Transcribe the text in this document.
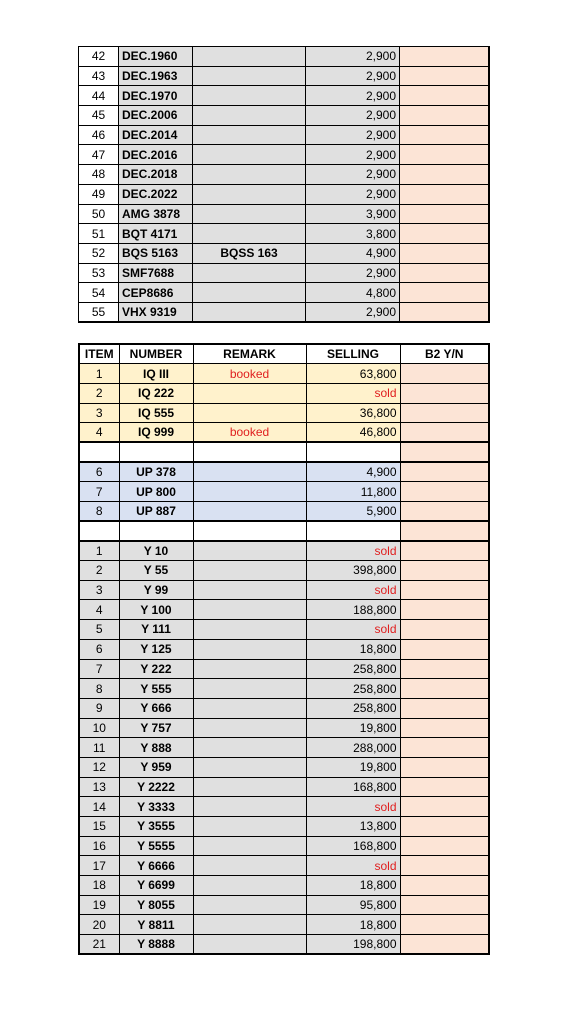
42	DEC.1960		2,900	
43	DEC.1963		2,900	
44	DEC.1970		2,900	
45	DEC.2006		2,900	
46	DEC.2014		2,900	
47	DEC.2016		2,900	
48	DEC.2018		2,900	
49	DEC.2022		2,900	
50	AMG 3878		3,900	
51	BQT 4171		3,800	
52	BQS 5163	BQSS 163	4,900	
53	SMF7688		2,900	
54	CEP8686		4,800	
55	VHX 9319		2,900	
ITEM	NUMBER	REMARK	SELLING	B2 Y/N
1	IQ III	booked	63,800	
2	IQ 222		sold	
3	IQ 555		36,800	
4	IQ 999	booked	46,800	

6	UP 378		4,900	
7	UP 800		11,800	
8	UP 887		5,900	

1	Y 10		sold	
2	Y 55		398,800	
3	Y 99		sold	
4	Y 100		188,800	
5	Y 111		sold	
6	Y 125		18,800	
7	Y 222		258,800	
8	Y 555		258,800	
9	Y 666		258,800	
10	Y 757		19,800	
11	Y 888		288,000	
12	Y 959		19,800	
13	Y 2222		168,800	
14	Y 3333		sold	
15	Y 3555		13,800	
16	Y 5555		168,800	
17	Y 6666		sold	
18	Y 6699		18,800	
19	Y 8055		95,800	
20	Y 8811		18,800	
21	Y 8888		198,800	
